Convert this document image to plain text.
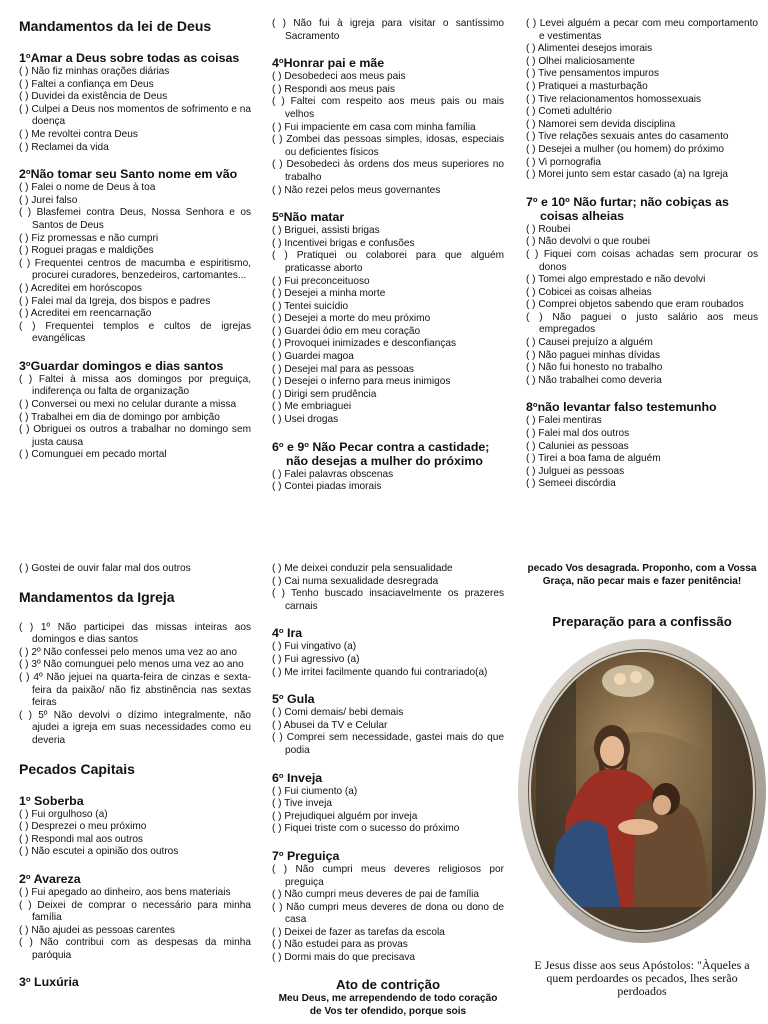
Mandamentos da lei de Deus
1$^o$Amar a Deus sobre todas as coisas
( ) Não fiz minhas orações diárias
( ) Faltei a confiança em Deus
( ) Duvidei da existência de Deus
( ) Culpei a Deus nos momentos de sofrimento e na doença
( ) Me revoltei contra Deus
( ) Reclamei da vida
2$^o$Não tomar seu Santo nome em vão
( ) Falei o nome de Deus à toa
( ) Jurei falso
( ) Blasfemei contra Deus, Nossa Senhora e os Santos de Deus
( ) Fiz promessas e não cumpri
( ) Roguei pragas e maldições
( ) Frequentei centros de macumba e espiritismo, procurei curadores, benzedeiros, cartomantes...
( ) Acreditei em horóscopos
( ) Falei mal da Igreja, dos bispos e padres
( ) Acreditei em reencarnação
( ) Frequentei templos e cultos de igrejas evangélicas
3$^o$Guardar domingos e dias santos
( ) Faltei à missa aos domingos por preguiça, indiferença ou falta de organização
( ) Conversei ou mexi no celular durante a missa
( ) Trabalhei em dia de domingo por ambição
( ) Obriguei os outros a trabalhar no domingo sem justa causa
( ) Comunguei em pecado mortal
( ) Não fui à igreja para visitar o santíssimo Sacramento
4$^o$Honrar pai e mãe
( ) Desobedeci aos meus pais
( ) Respondi aos meus pais
( ) Faltei com respeito aos meus pais ou mais velhos
( ) Fui impaciente em casa com minha família
( ) Zombei das pessoas simples, idosas, especiais ou deficientes físicos
( ) Desobedeci às ordens dos meus superiores no trabalho
( ) Não rezei pelos meus governantes
5$^o$Não matar
( ) Briguei, assisti brigas
( ) Incentivei brigas e confusões
( ) Pratiquei ou colaborei para que alguém praticasse aborto
( ) Fui preconceituoso
( ) Desejei a minha morte
( ) Tentei suicídio
( ) Desejei a morte do meu próximo
( ) Guardei ódio em meu coração
( ) Provoquei inimizades e desconfianças
( ) Guardei magoa
( ) Desejei mal para as pessoas
( ) Desejei o inferno para meus inimigos
( ) Dirigi sem prudência
( ) Me embriaguei
( ) Usei drogas
6$^o$ e 9$^o$ Não Pecar contra a castidade; não desejas a mulher do próximo
( ) Falei palavras obscenas
( ) Contei piadas imorais
( ) Levei alguém a pecar com meu comportamento e vestimentas
( ) Alimentei desejos imorais
( ) Olhei maliciosamente
( ) Tive pensamentos impuros
( ) Pratiquei a masturbação
( ) Tive relacionamentos homossexuais
( ) Cometi adultério
( ) Namorei sem devida disciplina
( ) Tive relações sexuais antes do casamento
( ) Desejei a mulher (ou homem) do próximo
( ) Vi pornografia
( ) Morei junto sem estar casado (a) na Igreja
7$^o$ e 10$^o$ Não furtar; não cobiças as coisas alheias
( ) Roubei
( ) Não devolvi o que roubei
( ) Fiquei com coisas achadas sem procurar os donos
( ) Tomei algo emprestado e não devolvi
( ) Cobicei as coisas alheias
( ) Comprei objetos sabendo que eram roubados
( ) Não paguei o justo salário aos meus empregados
( ) Causei prejuízo a alguém
( ) Não paguei minhas dívidas
( ) Não fui honesto no trabalho
( ) Não trabalhei como deveria
8$^o$não levantar falso testemunho
( ) Falei mentiras
( ) Falei mal dos outros
( ) Caluniei as pessoas
( ) Tirei a boa fama de alguém
( ) Julguei as pessoas
( ) Semeei discórdia
( ) Gostei de ouvir falar mal dos outros
Mandamentos da Igreja
( ) 1º Não participei das missas inteiras aos domingos e dias santos
( ) 2º Não confessei pelo menos uma vez ao ano
( ) 3º Não comunguei pelo menos uma vez ao ano
( ) 4º Não jejuei na quarta-feira de cinzas e sexta-feira da paixão/ não fiz abstinência nas sextas feiras
( ) 5º Não devolvi o dízimo integralmente, não ajudei a igreja em suas necessidades como eu deveria
Pecados Capitais
1$^o$ Soberba
( ) Fui orgulhoso (a)
( ) Desprezei o meu próximo
( ) Respondi mal aos outros
( ) Não escutei a opinião dos outros
2$^o$ Avareza
( ) Fui apegado ao dinheiro, aos bens materiais
( ) Deixei de comprar o necessário para minha família
( ) Não ajudei as pessoas carentes
( ) Não contribui com as despesas da minha paróquia
3$^o$ Luxúria
( ) Me deixei conduzir pela sensualidade
( ) Cai numa sexualidade desregrada
( ) Tenho buscado insaciavelmente os prazeres carnais
4$^o$ Ira
( ) Fui vingativo (a)
( ) Fui agressivo (a)
( ) Me irritei facilmente quando fui contrariado(a)
5$^o$ Gula
( ) Comi demais/ bebi demais
( ) Abusei da TV e Celular
( ) Comprei sem necessidade, gastei mais do que podia
6$^o$ Inveja
( ) Fui ciumento (a)
( ) Tive inveja
( ) Prejudiquei alguém por inveja
( ) Fiquei triste com o sucesso do próximo
7$^o$ Preguiça
( ) Não cumpri meus deveres religiosos por preguiça
( ) Não cumpri meus deveres de pai de família
( ) Não cumpri meus deveres de dona ou dono de casa
( ) Deixei de fazer as tarefas da escola
( ) Não estudei para as provas
( ) Dormi mais do que precisava
Ato de contrição
Meu Deus, me arrependendo de todo coração de Vos ter ofendido, porque sois
pecado Vos desagrada. Proponho, com a Vossa Graça, não pecar mais e fazer penitência!
Preparação para a confissão
E Jesus disse aos seus Apóstolos: "Àqueles a quem perdoardes os pecados, lhes serão perdoados
